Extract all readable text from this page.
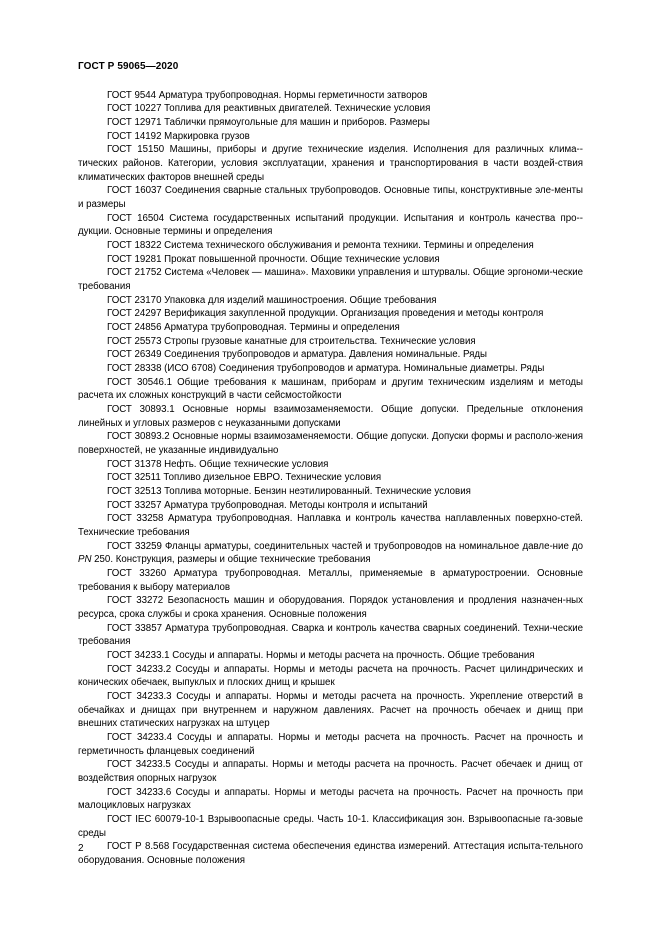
ГОСТ Р 59065—2020

ГОСТ 9544 Арматура трубопроводная. Нормы герметичности затворов

ГОСТ 10227 Топлива для реактивных двигателей. Технические условия

ГОСТ 12971 Таблички прямоугольные для машин и приборов. Размеры

ГОСТ 14192 Маркировка грузов

ГОСТ 15150 Машины, приборы и другие технические изделия. Исполнения для различных клима-тических районов. Категории, условия эксплуатации, хранения и транспортирования в части воздей-ствия климатических факторов внешней среды

ГОСТ 16037 Соединения сварные стальных трубопроводов. Основные типы, конструктивные эле-менты и размеры

ГОСТ 16504 Система государственных испытаний продукции. Испытания и контроль качества про-дукции. Основные термины и определения

ГОСТ 18322 Система технического обслуживания и ремонта техники. Термины и определения

ГОСТ 19281 Прокат повышенной прочности. Общие технические условия

ГОСТ 21752 Система «Человек — машина». Маховики управления и штурвалы. Общие эргономи-ческие требования

ГОСТ 23170 Упаковка для изделий машиностроения. Общие требования

ГОСТ 24297 Верификация закупленной продукции. Организация проведения и методы контроля

ГОСТ 24856 Арматура трубопроводная. Термины и определения

ГОСТ 25573 Стропы грузовые канатные для строительства. Технические условия

ГОСТ 26349 Соединения трубопроводов и арматура. Давления номинальные. Ряды

ГОСТ 28338 (ИСО 6708) Соединения трубопроводов и арматура. Номинальные диаметры. Ряды

ГОСТ 30546.1 Общие требования к машинам, приборам и другим техническим изделиям и методы расчета их сложных конструкций в части сейсмостойкости

ГОСТ 30893.1 Основные нормы взаимозаменяемости. Общие допуски. Предельные отклонения линейных и угловых размеров с неуказанными допусками

ГОСТ 30893.2 Основные нормы взаимозаменяемости. Общие допуски. Допуски формы и располо-жения поверхностей, не указанные индивидуально

ГОСТ 31378 Нефть. Общие технические условия

ГОСТ 32511 Топливо дизельное ЕВРО. Технические условия

ГОСТ 32513 Топлива моторные. Бензин неэтилированный. Технические условия

ГОСТ 33257 Арматура трубопроводная. Методы контроля и испытаний

ГОСТ 33258 Арматура трубопроводная. Наплавка и контроль качества наплавленных поверхно-стей. Технические требования

ГОСТ 33259 Фланцы арматуры, соединительных частей и трубопроводов на номинальное давле-ние до PN 250. Конструкция, размеры и общие технические требования

ГОСТ 33260 Арматура трубопроводная. Металлы, применяемые в арматуростроении. Основные требования к выбору материалов

ГОСТ 33272 Безопасность машин и оборудования. Порядок установления и продления назначен-ных ресурса, срока службы и срока хранения. Основные положения

ГОСТ 33857 Арматура трубопроводная. Сварка и контроль качества сварных соединений. Техни-ческие требования

ГОСТ 34233.1 Сосуды и аппараты. Нормы и методы расчета на прочность. Общие требования

ГОСТ 34233.2 Сосуды и аппараты. Нормы и методы расчета на прочность. Расчет цилиндрических и конических обечаек, выпуклых и плоских днищ и крышек

ГОСТ 34233.3 Сосуды и аппараты. Нормы и методы расчета на прочность. Укрепление отверстий в обечайках и днищах при внутреннем и наружном давлениях. Расчет на прочность обечаек и днищ при внешних статических нагрузках на штуцер

ГОСТ 34233.4 Сосуды и аппараты. Нормы и методы расчета на прочность. Расчет на прочность и герметичность фланцевых соединений

ГОСТ 34233.5 Сосуды и аппараты. Нормы и методы расчета на прочность. Расчет обечаек и днищ от воздействия опорных нагрузок

ГОСТ 34233.6 Сосуды и аппараты. Нормы и методы расчета на прочность. Расчет на прочность при малоцикловых нагрузках

ГОСТ IEC 60079-10-1 Взрывоопасные среды. Часть 10-1. Классификация зон. Взрывоопасные га-зовые среды

ГОСТ Р 8.568 Государственная система обеспечения единства измерений. Аттестация испыта-тельного оборудования. Основные положения

2
